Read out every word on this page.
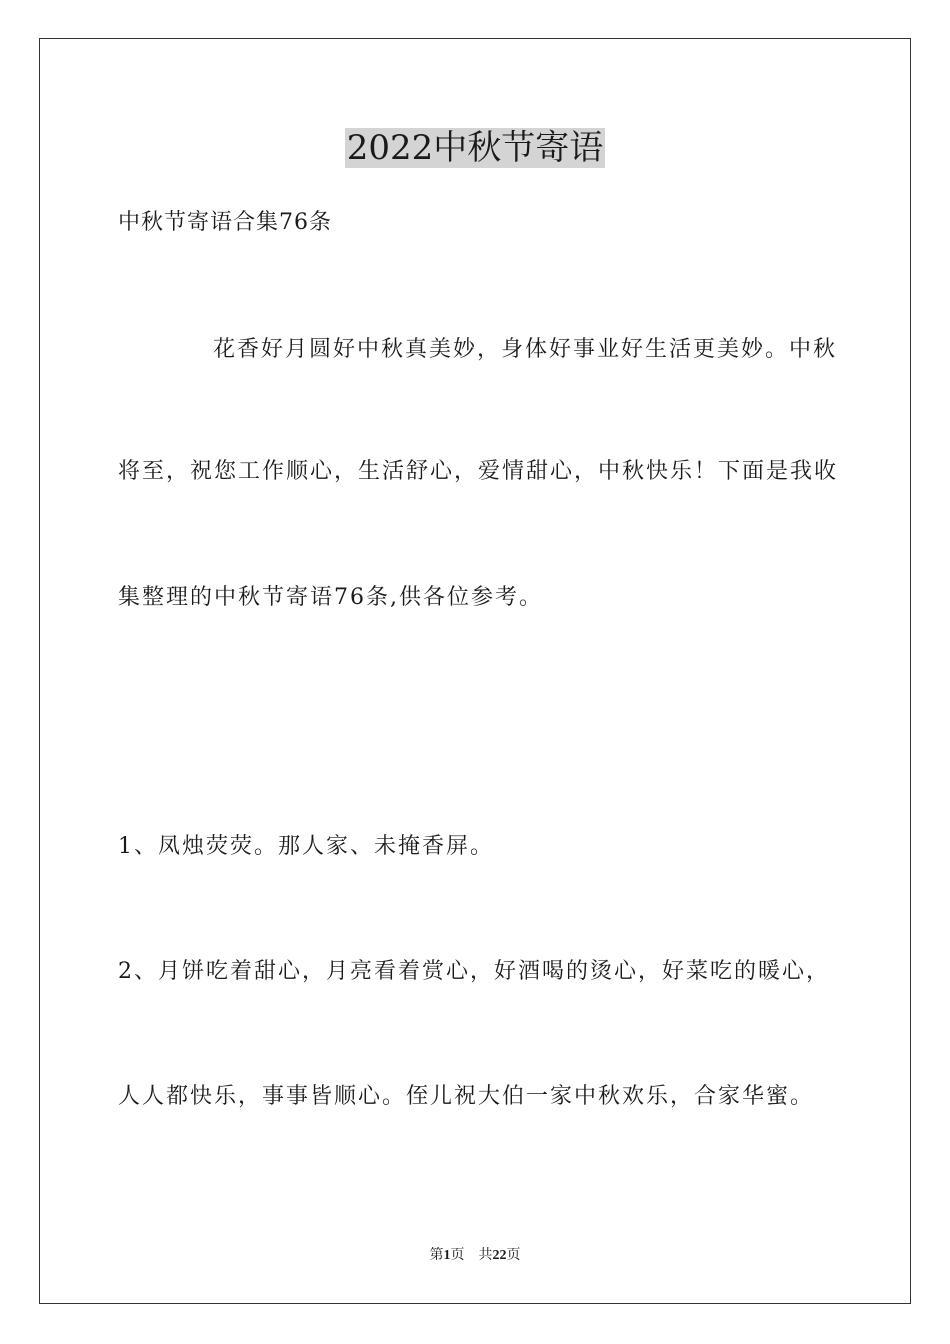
2022中秋节寄语
中秋节寄语合集76条
花香好月圆好中秋真美妙，身体好事业好生活更美妙。中秋
将至，祝您工作顺心，生活舒心，爱情甜心，中秋快乐！下面是我收
集整理的中秋节寄语76条,供各位参考。
1、凤烛荧荧。那人家、未掩香屏。
2、月饼吃着甜心，月亮看着赏心，好酒喝的烫心，好菜吃的暖心，
人人都快乐，事事皆顺心。侄儿祝大伯一家中秋欢乐，合家华蜜。
第1页 共22页
